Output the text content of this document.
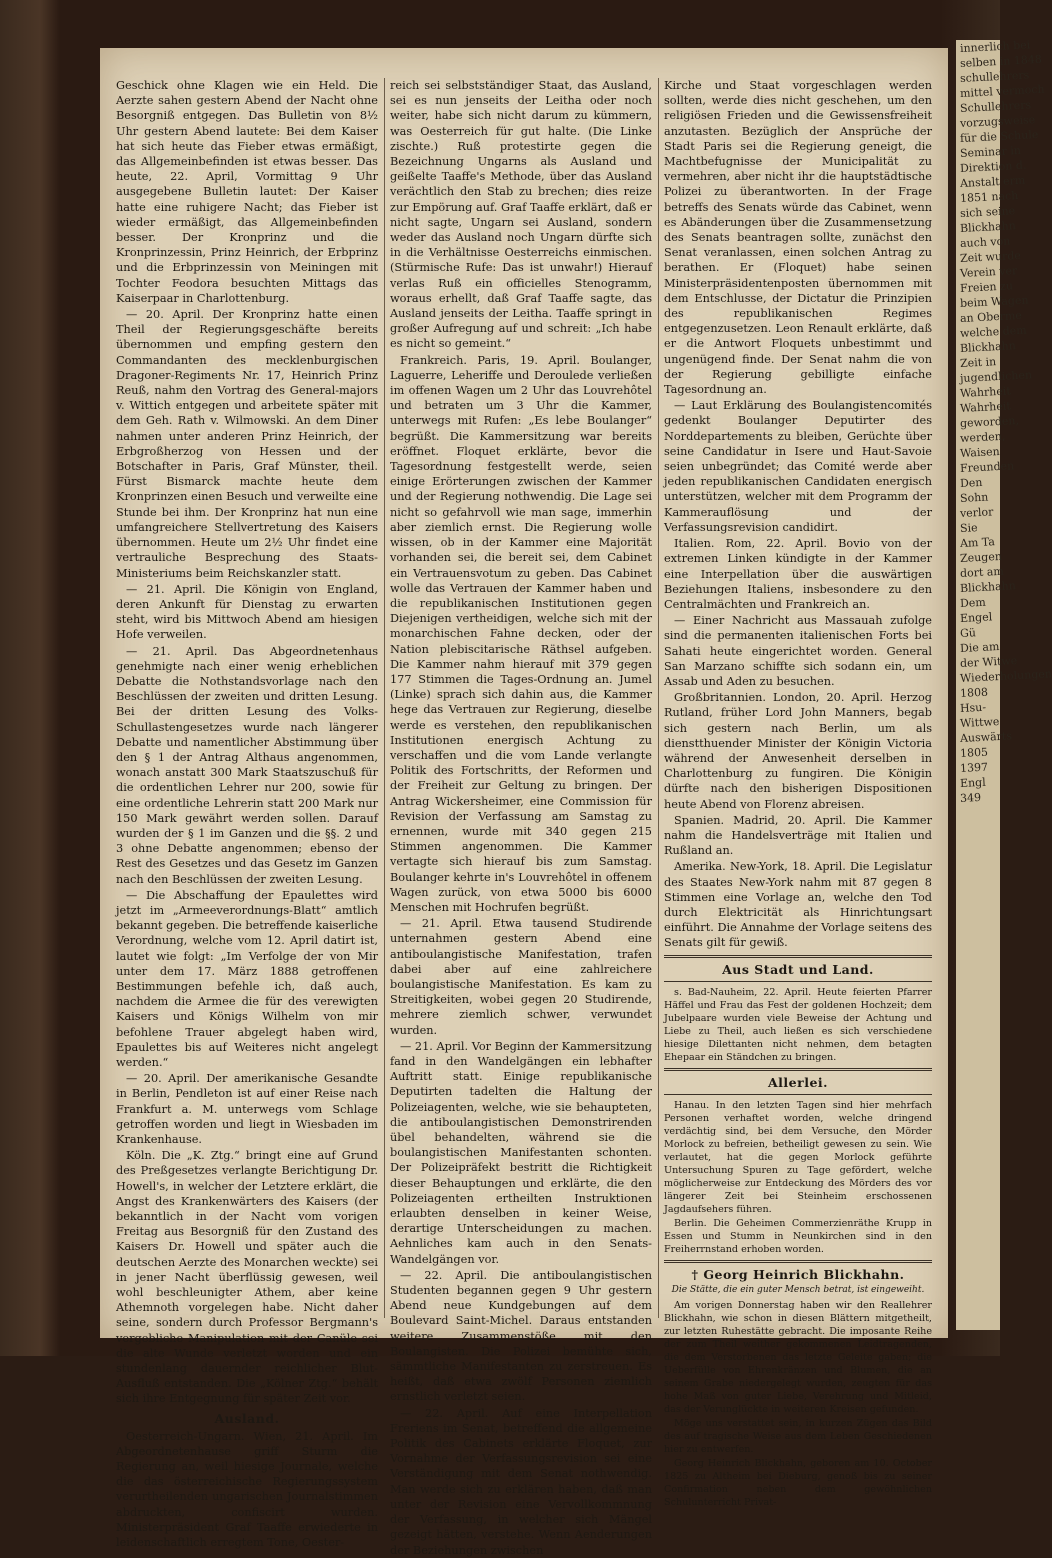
Geschick ohne Klagen wie ein Held. Die Aerzte sahen gestern Abend der Nacht ohne Besorgniß entgegen. Das Bulletin von 8½ Uhr gestern Abend lautete: Bei dem Kaiser hat sich heute das Fieber etwas ermäßigt, das Allgemeinbefinden ist etwas besser. Das heute, 22. April, Vormittag 9 Uhr ausgegebene Bulletin lautet: Der Kaiser hatte eine ruhigere Nacht; das Fieber ist wieder ermäßigt, das Allgemeinbefinden besser. Der Kronprinz und die Kronprinzessin, Prinz Heinrich, der Erbprinz und die Erbprinzessin von Meiningen mit Tochter Feodora besuchten Mittags das Kaiserpaar in Charlottenburg.

— 20. April. Der Kronprinz hatte einen Theil der Regierungsgeschäfte bereits übernommen und empfing gestern den Commandanten des mecklenburgischen Dragoner-Regiments Nr. 17, Heinrich Prinz Reuß, nahm den Vortrag des General-majors v. Wittich entgegen und arbeitete später mit dem Geh. Rath v. Wilmowski. An dem Diner nahmen unter anderen Prinz Heinrich, der Erbgroßherzog von Hessen und der Botschafter in Paris, Graf Münster, theil. Fürst Bismarck machte heute dem Kronprinzen einen Besuch und verweilte eine Stunde bei ihm. Der Kronprinz hat nun eine umfangreichere Stellvertretung des Kaisers übernommen. Heute um 2½ Uhr findet eine vertrauliche Besprechung des Staats-Ministeriums beim Reichskanzler statt.

— 21. April. Die Königin von England, deren Ankunft für Dienstag zu erwarten steht, wird bis Mittwoch Abend am hiesigen Hofe verweilen.

— 21. April. Das Abgeordnetenhaus genehmigte nach einer wenig erheblichen Debatte die Nothstandsvorlage nach den Beschlüssen der zweiten und dritten Lesung. Bei der dritten Lesung des Volks-Schullastengesetzes wurde nach längerer Debatte und namentlicher Abstimmung über den § 1 der Antrag Althaus angenommen, wonach anstatt 300 Mark Staatszuschuß für die ordentlichen Lehrer nur 200, sowie für eine ordentliche Lehrerin statt 200 Mark nur 150 Mark gewährt werden sollen. Darauf wurden der § 1 im Ganzen und die §§. 2 und 3 ohne Debatte angenommen; ebenso der Rest des Gesetzes und das Gesetz im Ganzen nach den Beschlüssen der zweiten Lesung.

— Die Abschaffung der Epaulettes wird jetzt im „Armeeverordnungs-Blatt“ amtlich bekannt gegeben. Die betreffende kaiserliche Verordnung, welche vom 12. April datirt ist, lautet wie folgt: „Im Verfolge der von Mir unter dem 17. März 1888 getroffenen Bestimmungen befehle ich, daß auch, nachdem die Armee die für des verewigten Kaisers und Königs Wilhelm von mir befohlene Trauer abgelegt haben wird, Epaulettes bis auf Weiteres nicht angelegt werden.“

— 20. April. Der amerikanische Gesandte in Berlin, Pendleton ist auf einer Reise nach Frankfurt a. M. unterwegs vom Schlage getroffen worden und liegt in Wiesbaden im Krankenhause.

Köln. Die „K. Ztg.“ bringt eine auf Grund des Preßgesetzes verlangte Berichtigung Dr. Howell's, in welcher der Letztere erklärt, die Angst des Krankenwärters des Kaisers (der bekanntlich in der Nacht vom vorigen Freitag aus Besorgniß für den Zustand des Kaisers Dr. Howell und später auch die deutschen Aerzte des Monarchen weckte) sei in jener Nacht überflüssig gewesen, weil wohl beschleunigter Athem, aber keine Athemnoth vorgelegen habe. Nicht daher seine, sondern durch Professor Bergmann's vergebliche Manipulation mit der Canüle sei die alte Wunde verletzt worden und ein stundenlang dauernder reichlicher Blut-Ausfluß entstanden. Die „Kölner Ztg.“ behält sich ihre Entgegnung für später Zeit vor.

Ausland.

Oesterreich-Ungarn. Wien, 21. April. Im Abgeordnetenhause griff Sturm die Regierung an, weil hiesige Journale, welche die das österreichische Regierungssystem verurtheilenden ungarischen Journalstimmen abdruckten, confiscirt wurden. Ministerpräsident Graf Taaffe erwiederte in leidenschaftlich erregtem Tone, Oester-

reich sei selbstständiger Staat, das Ausland, sei es nun jenseits der Leitha oder noch weiter, habe sich nicht darum zu kümmern, was Oesterreich für gut halte. (Die Linke zischte.) Ruß protestirte gegen die Bezeichnung Ungarns als Ausland und geißelte Taaffe's Methode, über das Ausland verächtlich den Stab zu brechen; dies reize zur Empörung auf. Graf Taaffe erklärt, daß er nicht sagte, Ungarn sei Ausland, sondern weder das Ausland noch Ungarn dürfte sich in die Verhältnisse Oesterreichs einmischen. (Stürmische Rufe: Das ist unwahr!) Hierauf verlas Ruß ein officielles Stenogramm, woraus erhellt, daß Graf Taaffe sagte, das Ausland jenseits der Leitha. Taaffe springt in großer Aufregung auf und schreit: „Ich habe es nicht so gemeint.“

Frankreich. Paris, 19. April. Boulanger, Laguerre, Leheriffe und Deroulede verließen im offenen Wagen um 2 Uhr das Louvrehôtel und betraten um 3 Uhr die Kammer, unterwegs mit Rufen: „Es lebe Boulanger“ begrüßt. Die Kammersitzung war bereits eröffnet. Floquet erklärte, bevor die Tagesordnung festgestellt werde, seien einige Erörterungen zwischen der Kammer und der Regierung nothwendig. Die Lage sei nicht so gefahrvoll wie man sage, immerhin aber ziemlich ernst. Die Regierung wolle wissen, ob in der Kammer eine Majorität vorhanden sei, die bereit sei, dem Cabinet ein Vertrauensvotum zu geben. Das Cabinet wolle das Vertrauen der Kammer haben und die republikanischen Institutionen gegen Diejenigen vertheidigen, welche sich mit der monarchischen Fahne decken, oder der Nation plebiscitarische Räthsel aufgeben. Die Kammer nahm hierauf mit 379 gegen 177 Stimmen die Tages-Ordnung an. Jumel (Linke) sprach sich dahin aus, die Kammer hege das Vertrauen zur Regierung, dieselbe werde es verstehen, den republikanischen Institutionen energisch Achtung zu verschaffen und die vom Lande verlangte Politik des Fortschritts, der Reformen und der Freiheit zur Geltung zu bringen. Der Antrag Wickersheimer, eine Commission für Revision der Verfassung am Samstag zu ernennen, wurde mit 340 gegen 215 Stimmen angenommen. Die Kammer vertagte sich hierauf bis zum Samstag. Boulanger kehrte in's Louvrehôtel in offenem Wagen zurück, von etwa 5000 bis 6000 Menschen mit Hochrufen begrüßt.

— 21. April. Etwa tausend Studirende unternahmen gestern Abend eine antiboulangistische Manifestation, trafen dabei aber auf eine zahlreichere boulangistische Manifestation. Es kam zu Streitigkeiten, wobei gegen 20 Studirende, mehrere ziemlich schwer, verwundet wurden.

— 21. April. Vor Beginn der Kammersitzung fand in den Wandelgängen ein lebhafter Auftritt statt. Einige republikanische Deputirten tadelten die Haltung der Polizeiagenten, welche, wie sie behaupteten, die antiboulangistischen Demonstrirenden übel behandelten, während sie die boulangistischen Manifestanten schonten. Der Polizeipräfekt bestritt die Richtigkeit dieser Behauptungen und erklärte, die den Polizeiagenten ertheilten Instruktionen erlaubten denselben in keiner Weise, derartige Unterscheidungen zu machen. Aehnliches kam auch in den Senats-Wandelgängen vor.

— 22. April. Die antiboulangistischen Studenten begannen gegen 9 Uhr gestern Abend neue Kundgebungen auf dem Boulevard Saint-Michel. Daraus entstanden weitere Zusammenstöße mit den Boulangisten. Die Polizei bemühte sich, sämmtliche Manifestanten zu zerstreuen. Es heißt, daß etwa zwölf Personen ziemlich ernstlich verletzt seien.

— 22. April. Auf eine Interpellation Freriens im Senat, betreffend die allgemeine Politik des Cabinets erklärte Floquet, zur Vornahme der Verfassungsrevision sei eine Verständigung mit dem Senat nothwendig. Man werde sich zu erklären haben, daß man unter der Revision eine Vervollkommnung der Verfassung, in welcher sich Mängel gezeigt hätten, verstehe. Wenn Aenderungen der Beziehungen zwischen

Kirche und Staat vorgeschlagen werden sollten, werde dies nicht geschehen, um den religiösen Frieden und die Gewissensfreiheit anzutasten. Bezüglich der Ansprüche der Stadt Paris sei die Regierung geneigt, die Machtbefugnisse der Municipalität zu vermehren, aber nicht ihr die hauptstädtische Polizei zu überantworten. In der Frage betreffs des Senats würde das Cabinet, wenn es Abänderungen über die Zusammensetzung des Senats beantragen sollte, zunächst den Senat veranlassen, einen solchen Antrag zu berathen. Er (Floquet) habe seinen Ministerpräsidentenposten übernommen mit dem Entschlusse, der Dictatur die Prinzipien des republikanischen Regimes entgegenzusetzen. Leon Renault erklärte, daß er die Antwort Floquets unbestimmt und ungenügend finde. Der Senat nahm die von der Regierung gebilligte einfache Tagesordnung an.

— Laut Erklärung des Boulangistencomités gedenkt Boulanger Deputirter des Norddepartements zu bleiben, Gerüchte über seine Candidatur in Isere und Haut-Savoie seien unbegründet; das Comité werde aber jeden republikanischen Candidaten energisch unterstützen, welcher mit dem Programm der Kammerauflösung und der Verfassungsrevision candidirt.

Italien. Rom, 22. April. Bovio von der extremen Linken kündigte in der Kammer eine Interpellation über die auswärtigen Beziehungen Italiens, insbesondere zu den Centralmächten und Frankreich an.

— Einer Nachricht aus Massauah zufolge sind die permanenten italienischen Forts bei Sahati heute eingerichtet worden. General San Marzano schiffte sich sodann ein, um Assab und Aden zu besuchen.

Großbritannien. London, 20. April. Herzog Rutland, früher Lord John Manners, begab sich gestern nach Berlin, um als dienstthuender Minister der Königin Victoria während der Anwesenheit derselben in Charlottenburg zu fungiren. Die Königin dürfte nach den bisherigen Dispositionen heute Abend von Florenz abreisen.

Spanien. Madrid, 20. April. Die Kammer nahm die Handelsverträge mit Italien und Rußland an.

Amerika. New-York, 18. April. Die Legislatur des Staates New-York nahm mit 87 gegen 8 Stimmen eine Vorlage an, welche den Tod durch Elektricität als Hinrichtungsart einführt. Die Annahme der Vorlage seitens des Senats gilt für gewiß.

Aus Stadt und Land.

s. Bad-Nauheim, 22. April. Heute feierten Pfarrer Häffel und Frau das Fest der goldenen Hochzeit; dem Jubelpaare wurden viele Beweise der Achtung und Liebe zu Theil, auch ließen es sich verschiedene hiesige Dilettanten nicht nehmen, dem betagten Ehepaar ein Ständchen zu bringen.

Allerlei.

Hanau. In den letzten Tagen sind hier mehrfach Personen verhaftet worden, welche dringend verdächtig sind, bei dem Versuche, den Mörder Morlock zu befreien, betheiligt gewesen zu sein. Wie verlautet, hat die gegen Morlock geführte Untersuchung Spuren zu Tage gefördert, welche möglicherweise zur Entdeckung des Mörders des vor längerer Zeit bei Steinheim erschossenen Jagdaufsehers führen.

Berlin. Die Geheimen Commerzienräthe Krupp in Essen und Stumm in Neunkirchen sind in den Freiherrnstand erhoben worden.

† Georg Heinrich Blickhahn.
Die Stätte, die ein guter Mensch betrat, ist eingeweiht.

Am vorigen Donnerstag haben wir den Reallehrer Blickhahn, wie schon in diesen Blättern mitgetheilt, zur letzten Ruhestätte gebracht. Die imposante Reihe der zum Theil weither gekommenen Leidtragenden, die dem Verstorbenen das letzte Geleite gaben; die Ueberfülle von Ehrenkränzen und Blumen, die an seinem Grabe niedergelegt wurden, zeugten für das hohe Maß von guter Liebe, Verehrung und Mitleid, das der Verunglückte in weiteren Kreisen gefunden.

Möge uns verstattet sein, in kurzen Zügen das Bild des auf tragische Weise aus dem Leben Geschiedenen hier zu entwerfen.

Georg Heinrich Blickhahn, geboren am 10. October 1825 zu Altheim bei Dieburg, genoß bis zu seiner Confirmation neben dem gewöhnlichen Schulunterricht Privat-

innerlich bei
selben in 1848
schullehrers
mittel vermoch
Schullehrers
vorzugsweise
für die Schule
Seminar in
Direktion d.
Anstalt erm
1851 nach
sich seine
Blickhahn
auch von
Zeit wurde
Verein ver
Freien zu
beim Wagen
an Oberme
welche dem
Blickhahn
Zeit in
jugendlichen
Wahrheit
Wahrheit
geworden,
werden,
Waisen
Freunden
Den
Sohn
verlor
Sie
Am Ta
Zeugen
dort am
Blickhahn
Dem
Engel
Gü
Die am
der Witwe
Wiederholungen
1808
Hsu-
Wittwe
Auswärts
1805
1397
Engl
349
